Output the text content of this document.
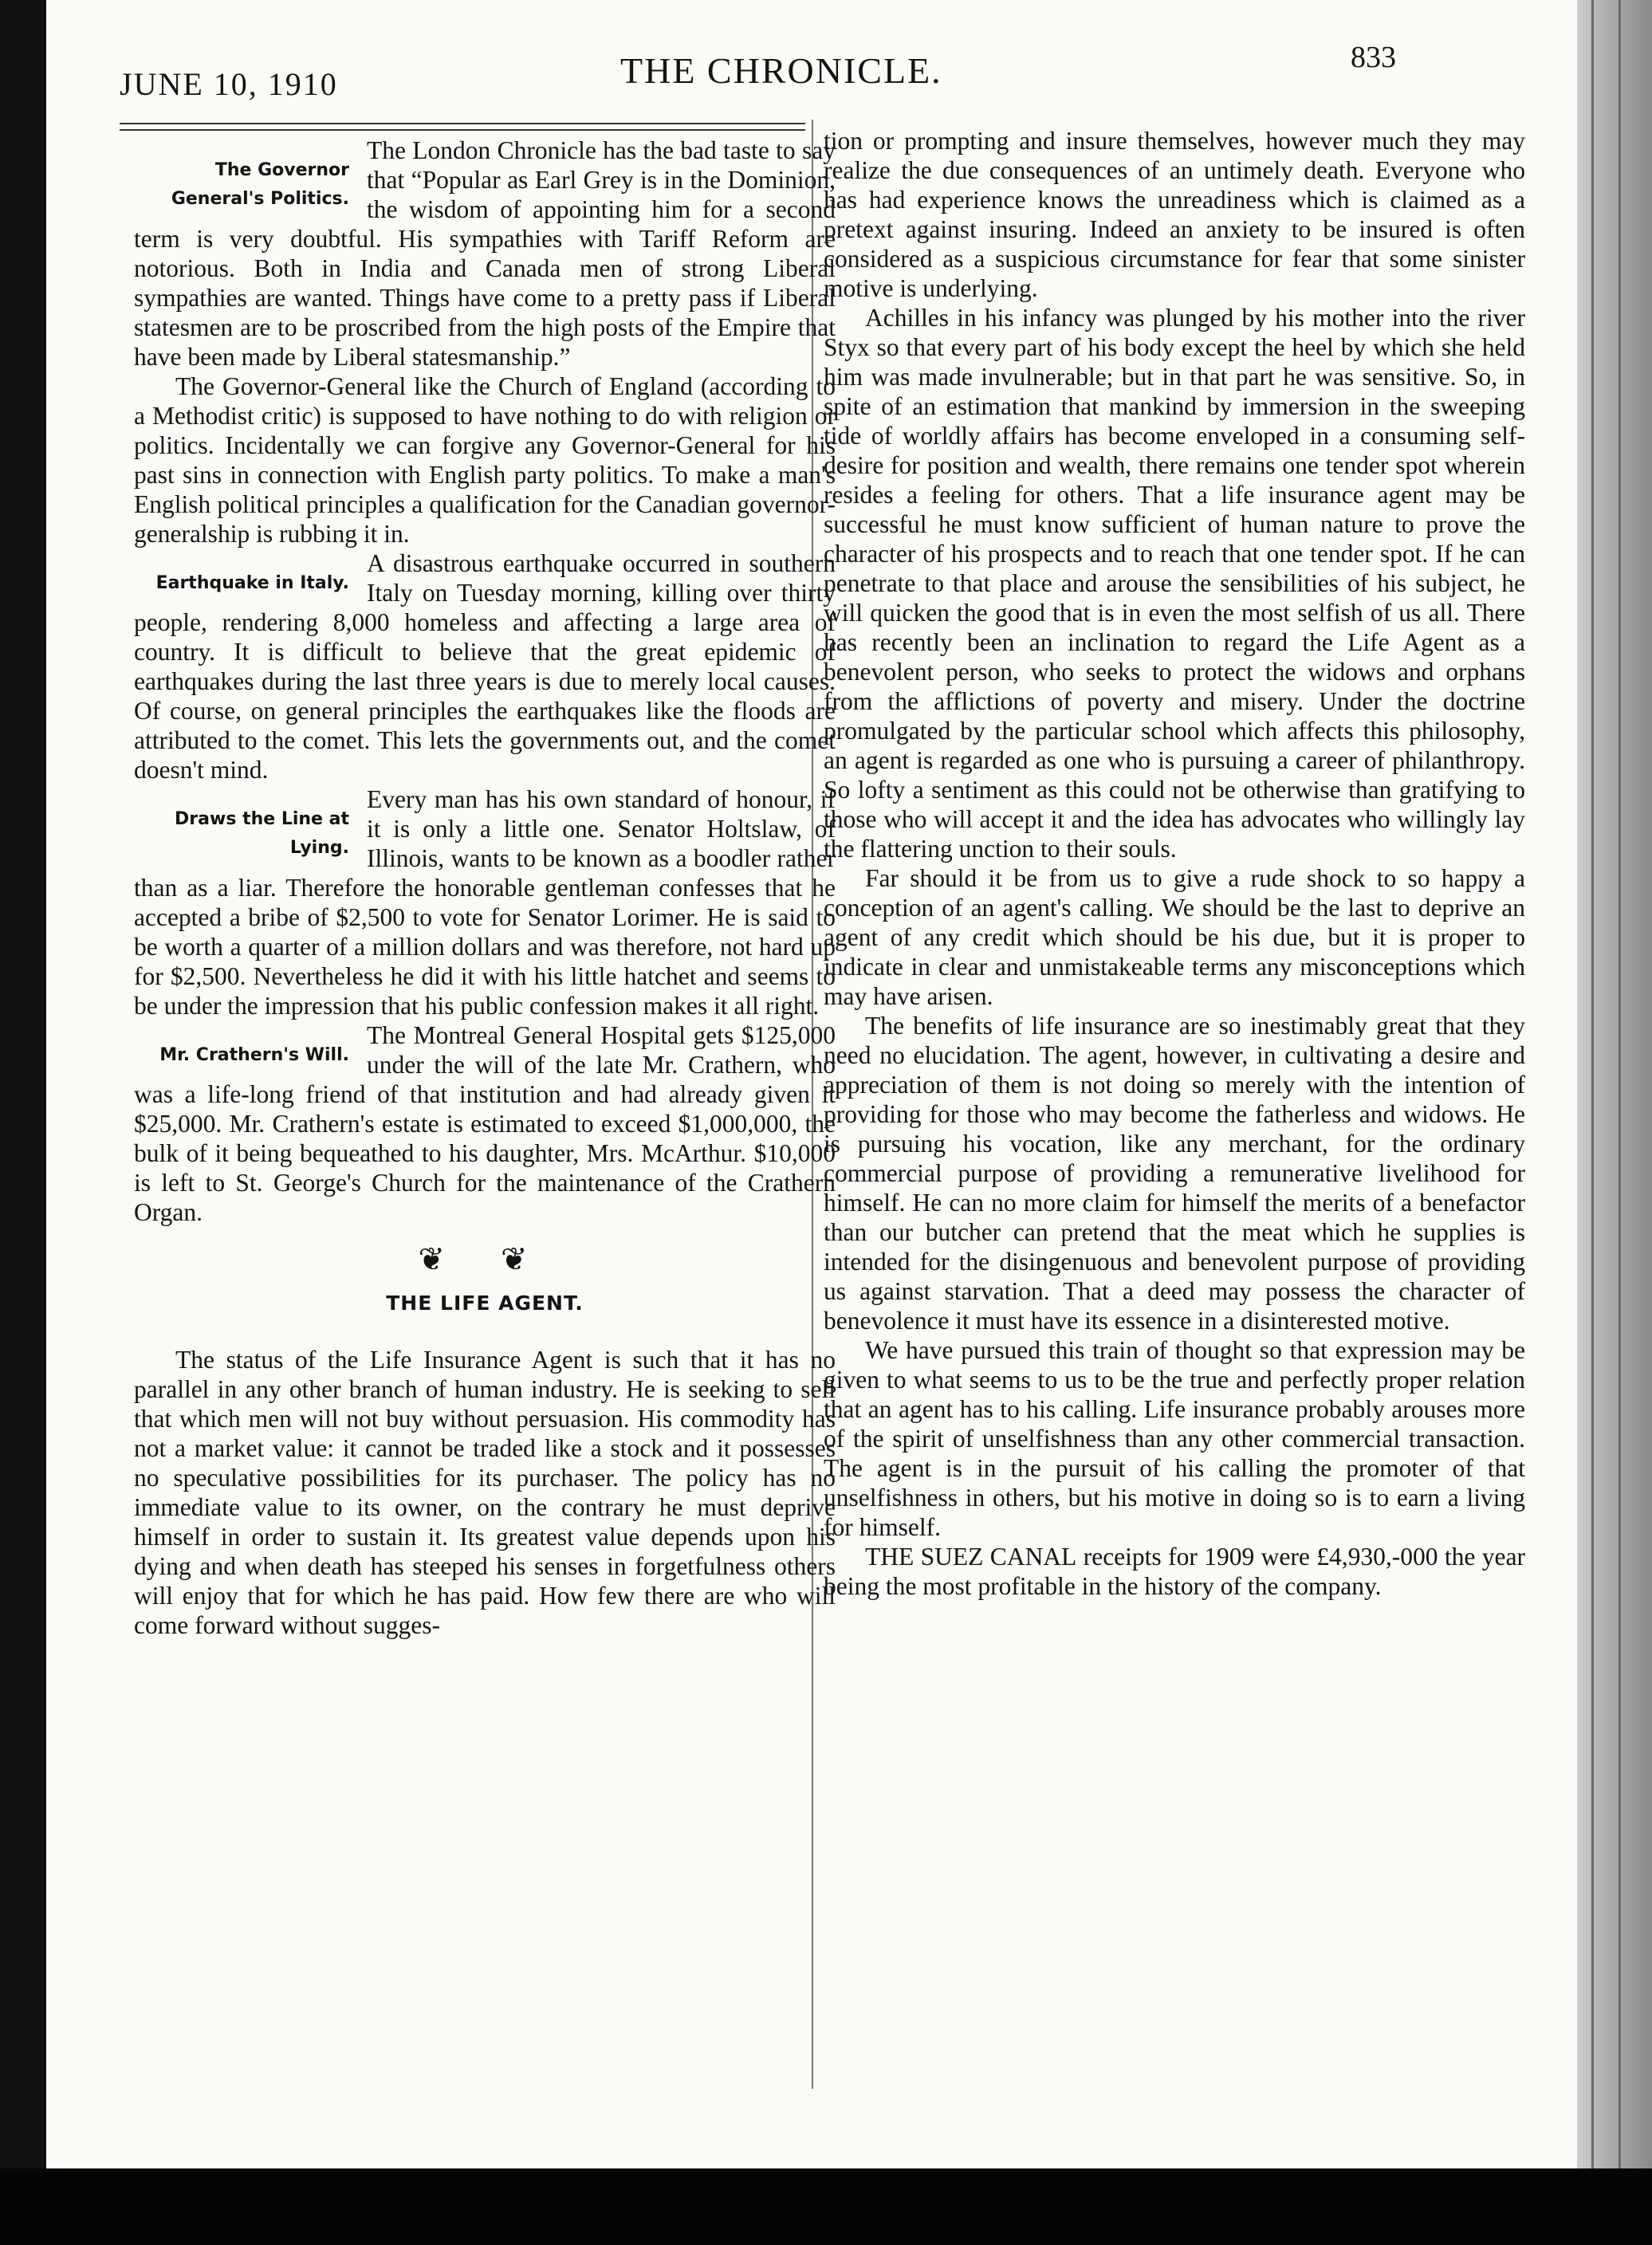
JUNE 10, 1910	THE CHRONICLE.	833
The Governor General's Politics.

The London Chronicle has the bad taste to say that “Popular as Earl Grey is in the Dominion, the wisdom of appointing him for a second term is very doubtful. His sympathies with Tariff Reform are notorious. Both in India and Canada men of strong Liberal sympathies are wanted. Things have come to a pretty pass if Liberal statesmen are to be proscribed from the high posts of the Empire that have been made by Liberal statesmanship.”

The Governor-General like the Church of England (according to a Methodist critic) is supposed to have nothing to do with religion or politics. Incidentally we can forgive any Governor-General for his past sins in connection with English party politics. To make a man's English political principles a qualification for the Canadian governor-generalship is rubbing it in.

Earthquake in Italy.

A disastrous earthquake occurred in southern Italy on Tuesday morning, killing over thirty people, rendering 8,000 homeless and affecting a large area of country. It is difficult to believe that the great epidemic of earthquakes during the last three years is due to merely local causes. Of course, on general principles the earthquakes like the floods are attributed to the comet. This lets the governments out, and the comet doesn't mind.

Draws the Line at Lying.

Every man has his own standard of honour, if it is only a little one. Senator Holtslaw, of Illinois, wants to be known as a boodler rather than as a liar. Therefore the honorable gentleman confesses that he accepted a bribe of $2,500 to vote for Senator Lorimer. He is said to be worth a quarter of a million dollars and was therefore, not hard up for $2,500. Nevertheless he did it with his little hatchet and seems to be under the impression that his public confession makes it all right.

Mr. Crathern's Will.

The Montreal General Hospital gets $125,000 under the will of the late Mr. Crathern, who was a life-long friend of that institution and had already given it $25,000. Mr. Crathern's estate is estimated to exceed $1,000,000, the bulk of it being bequeathed to his daughter, Mrs. McArthur. $10,000 is left to St. George's Church for the maintenance of the Crathern Organ.

❦ ❦
THE LIFE AGENT.

The status of the Life Insurance Agent is such that it has no parallel in any other branch of human industry. He is seeking to sell that which men will not buy without persuasion. His commodity has not a market value: it cannot be traded like a stock and it possesses no speculative possibilities for its purchaser. The policy has no immediate value to its owner, on the contrary he must deprive himself in order to sustain it. Its greatest value depends upon his dying and when death has steeped his senses in forgetfulness others will enjoy that for which he has paid. How few there are who will come forward without sugges-

tion or prompting and insure themselves, however much they may realize the due consequences of an untimely death. Everyone who has had experience knows the unreadiness which is claimed as a pretext against insuring. Indeed an anxiety to be insured is often considered as a suspicious circumstance for fear that some sinister motive is underlying.

Achilles in his infancy was plunged by his mother into the river Styx so that every part of his body except the heel by which she held him was made invulnerable; but in that part he was sensitive. So, in spite of an estimation that mankind by immersion in the sweeping tide of worldly affairs has become enveloped in a consuming self-desire for position and wealth, there remains one tender spot wherein resides a feeling for others. That a life insurance agent may be successful he must know sufficient of human nature to prove the character of his prospects and to reach that one tender spot. If he can penetrate to that place and arouse the sensibilities of his subject, he will quicken the good that is in even the most selfish of us all. There has recently been an inclination to regard the Life Agent as a benevolent person, who seeks to protect the widows and orphans from the afflictions of poverty and misery. Under the doctrine promulgated by the particular school which affects this philosophy, an agent is regarded as one who is pursuing a career of philanthropy. So lofty a sentiment as this could not be otherwise than gratifying to those who will accept it and the idea has advocates who willingly lay the flattering unction to their souls.

Far should it be from us to give a rude shock to so happy a conception of an agent's calling. We should be the last to deprive an agent of any credit which should be his due, but it is proper to indicate in clear and unmistakeable terms any misconceptions which may have arisen.

The benefits of life insurance are so inestimably great that they need no elucidation. The agent, however, in cultivating a desire and appreciation of them is not doing so merely with the intention of providing for those who may become the fatherless and widows. He is pursuing his vocation, like any merchant, for the ordinary commercial purpose of providing a remunerative livelihood for himself. He can no more claim for himself the merits of a benefactor than our butcher can pretend that the meat which he supplies is intended for the disingenuous and benevolent purpose of providing us against starvation. That a deed may possess the character of benevolence it must have its essence in a disinterested motive.

We have pursued this train of thought so that expression may be given to what seems to us to be the true and perfectly proper relation that an agent has to his calling. Life insurance probably arouses more of the spirit of unselfishness than any other commercial transaction. The agent is in the pursuit of his calling the promoter of that unselfishness in others, but his motive in doing so is to earn a living for himself.

THE SUEZ CANAL receipts for 1909 were £4,930,-000 the year being the most profitable in the history of the company.
